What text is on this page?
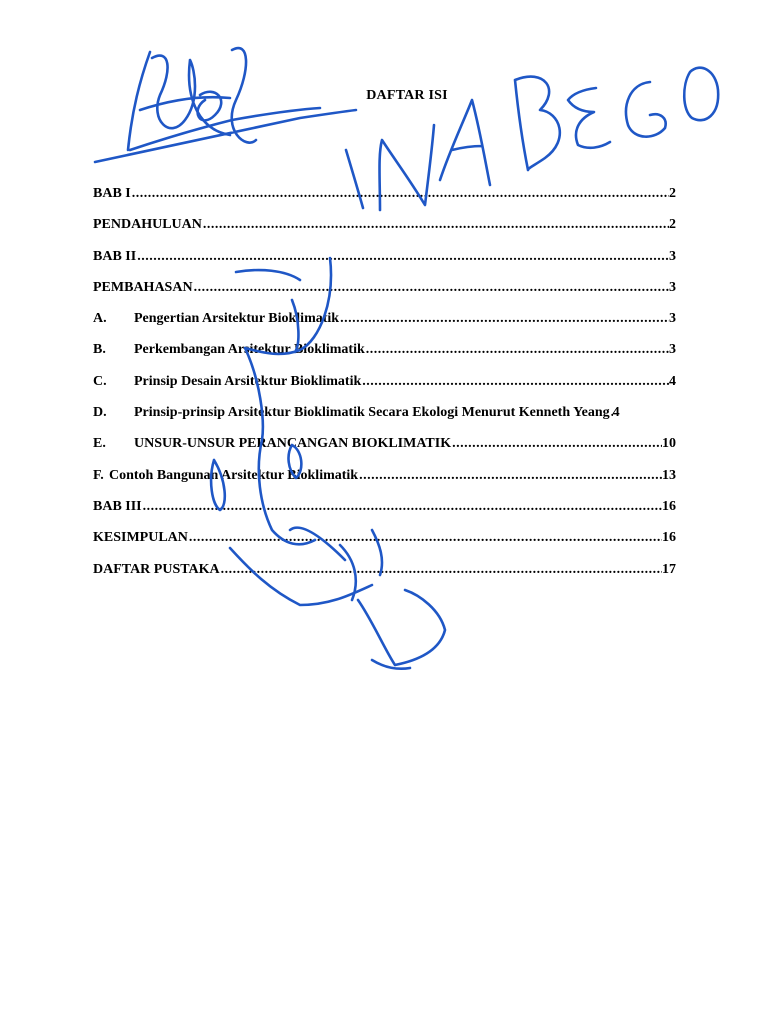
DAFTAR ISI
BAB I .....	2
PENDAHULUAN .....	2
BAB II .....	3
PEMBAHASAN .....	3
A. Pengertian Arsitektur Bioklimatik .....	3
B. Perkembangan Arsitektur Bioklimatik .....	3
C. Prinsip Desain Arsitektur Bioklimatik .....	4
D. Prinsip-prinsip Arsitektur Bioklimatik Secara Ekologi Menurut Kenneth Yeang ..... 4
E. UNSUR-UNSUR PERANCANGAN BIOKLIMATIK .....	10
F. Contoh Bangunan Arsitektur Bioklimatik .....	13
BAB III .....	16
KESIMPULAN .....	16
DAFTAR PUSTAKA .....	17
